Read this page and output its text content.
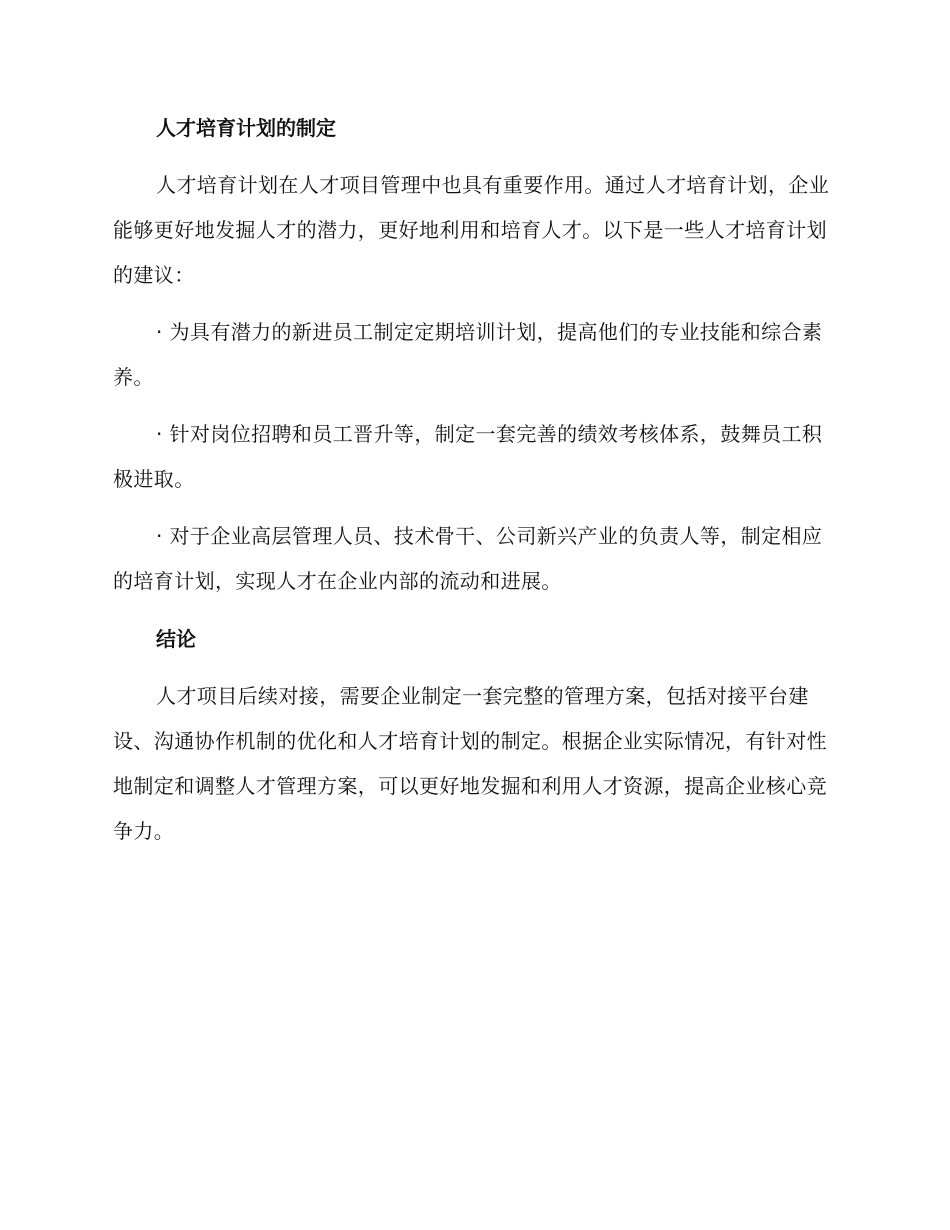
人才培育计划的制定

人才培育计划在人才项目管理中也具有重要作用。通过人才培育计划，企业能够更好地发掘人才的潜力，更好地利用和培育人才。以下是一些人才培育计划的建议：

· 为具有潜力的新进员工制定定期培训计划，提高他们的专业技能和综合素养。

· 针对岗位招聘和员工晋升等，制定一套完善的绩效考核体系，鼓舞员工积极进取。

· 对于企业高层管理人员、技术骨干、公司新兴产业的负责人等，制定相应的培育计划，实现人才在企业内部的流动和进展。

结论

人才项目后续对接，需要企业制定一套完整的管理方案，包括对接平台建设、沟通协作机制的优化和人才培育计划的制定。根据企业实际情况，有针对性地制定和调整人才管理方案，可以更好地发掘和利用人才资源，提高企业核心竞争力。
